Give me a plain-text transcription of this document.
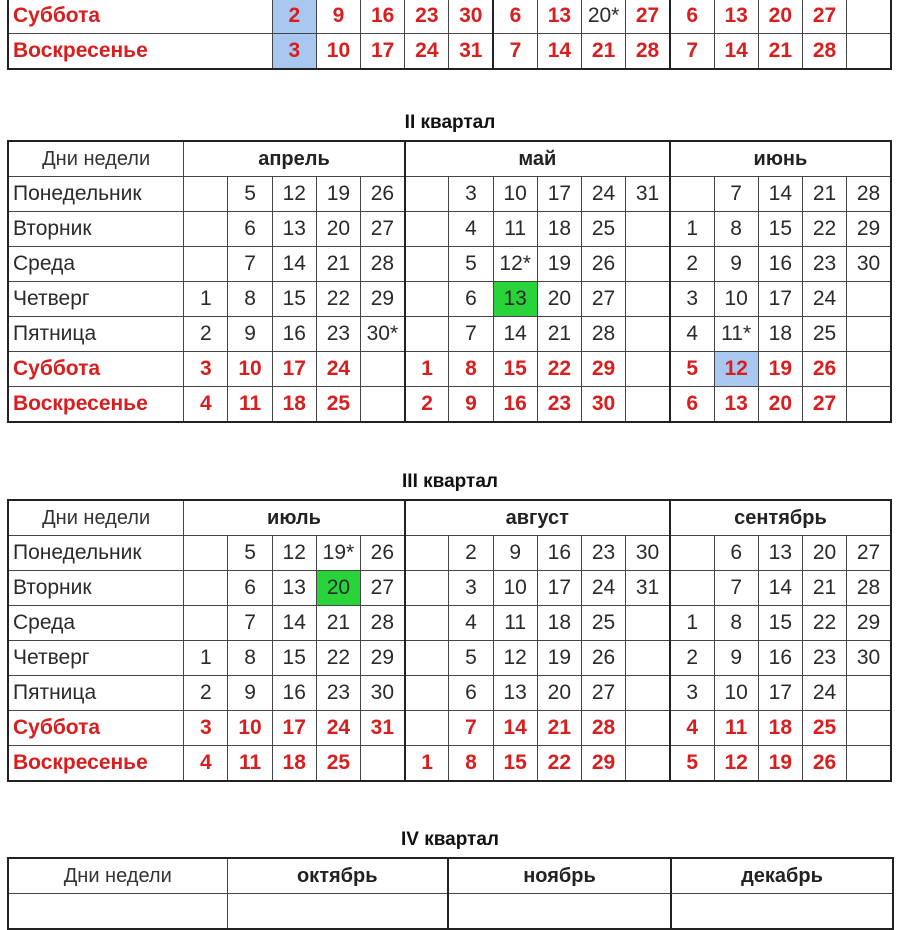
Суббота	2	9	16	23	30	6	13	20*	27	6	13	20	27	
Воскресенье	3	10	17	24	31	7	14	21	28	7	14	21	28	
II квартал
Дни недели	апрель					май						июнь				
Понедельник		5	12	19	26		3	10	17	24	31		7	14	21	28
Вторник		6	13	20	27		4	11	18	25		1	8	15	22	29
Среда		7	14	21	28		5	12*	19	26		2	9	16	23	30
Четверг	1	8	15	22	29		6	13	20	27		3	10	17	24	
Пятница	2	9	16	23	30*		7	14	21	28		4	11*	18	25	
Суббота	3	10	17	24		1	8	15	22	29		5	12	19	26	
Воскресенье	4	11	18	25		2	9	16	23	30		6	13	20	27	
III квартал
Дни недели	июль					август						сентябрь				
Понедельник		5	12	19*	26		2	9	16	23	30		6	13	20	27
Вторник		6	13	20	27		3	10	17	24	31		7	14	21	28
Среда		7	14	21	28		4	11	18	25		1	8	15	22	29
Четверг	1	8	15	22	29		5	12	19	26		2	9	16	23	30
Пятница	2	9	16	23	30		6	13	20	27		3	10	17	24	
Суббота	3	10	17	24	31		7	14	21	28		4	11	18	25	
Воскресенье	4	11	18	25		1	8	15	22	29		5	12	19	26	
IV квартал
Дни недели	октябрь	ноябрь	декабрь
